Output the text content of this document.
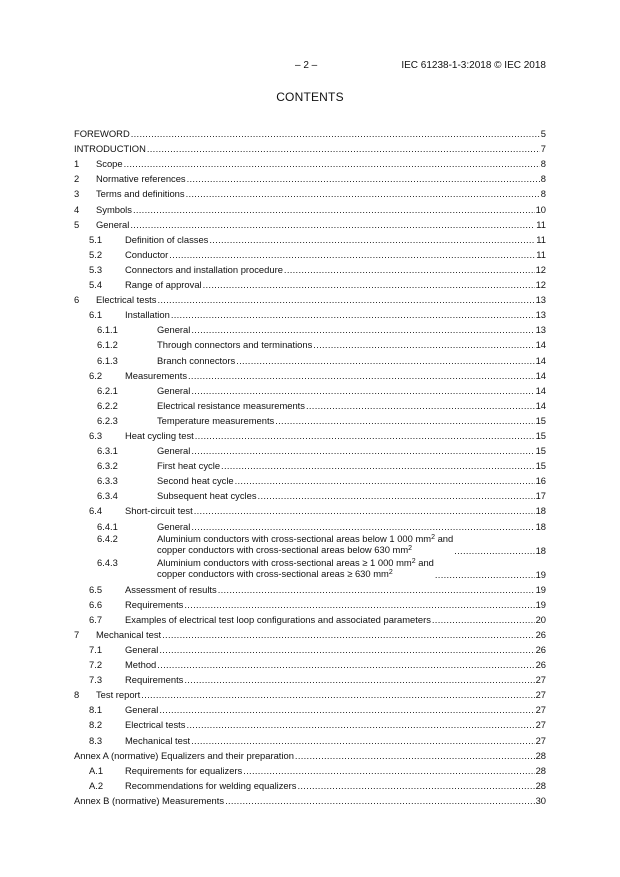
– 2 –	IEC 61238-1-3:2018 © IEC 2018
CONTENTS
FOREWORD .....	5
INTRODUCTION .....	7
1	Scope .....	8
2	Normative references .....	8
3	Terms and definitions .....	8
4	Symbols .....	10
5	General .....	11
5.1	Definition of classes .....	11
5.2	Conductor .....	11
5.3	Connectors and installation procedure .....	12
5.4	Range of approval .....	12
6	Electrical tests .....	13
6.1	Installation .....	13
6.1.1	General .....	13
6.1.2	Through connectors and terminations .....	14
6.1.3	Branch connectors .....	14
6.2	Measurements .....	14
6.2.1	General .....	14
6.2.2	Electrical resistance measurements .....	14
6.2.3	Temperature measurements .....	15
6.3	Heat cycling test .....	15
6.3.1	General .....	15
6.3.2	First heat cycle .....	15
6.3.3	Second heat cycle .....	16
6.3.4	Subsequent heat cycles .....	17
6.4	Short-circuit test .....	18
6.4.1	General .....	18
6.4.2	Aluminium conductors with cross-sectional areas below 1 000 $mm^2$ and
copper conductors with cross-sectional areas below 630 $mm^2$ .....	18
6.4.3	Aluminium conductors with cross-sectional areas ≥ 1 000 $mm^2$ and
copper conductors with cross-sectional areas ≥ 630 $mm^2$ .....	19
6.5	Assessment of results .....	19
6.6	Requirements .....	19
6.7	Examples of electrical test loop configurations and associated parameters .....	20
7	Mechanical test .....	26
7.1	General .....	26
7.2	Method .....	26
7.3	Requirements .....	27
8	Test report .....	27
8.1	General .....	27
8.2	Electrical tests .....	27
8.3	Mechanical test .....	27
Annex A (normative) Equalizers and their preparation .....	28
A.1	Requirements for equalizers .....	28
A.2	Recommendations for welding equalizers .....	28
Annex B (normative) Measurements .....	30
